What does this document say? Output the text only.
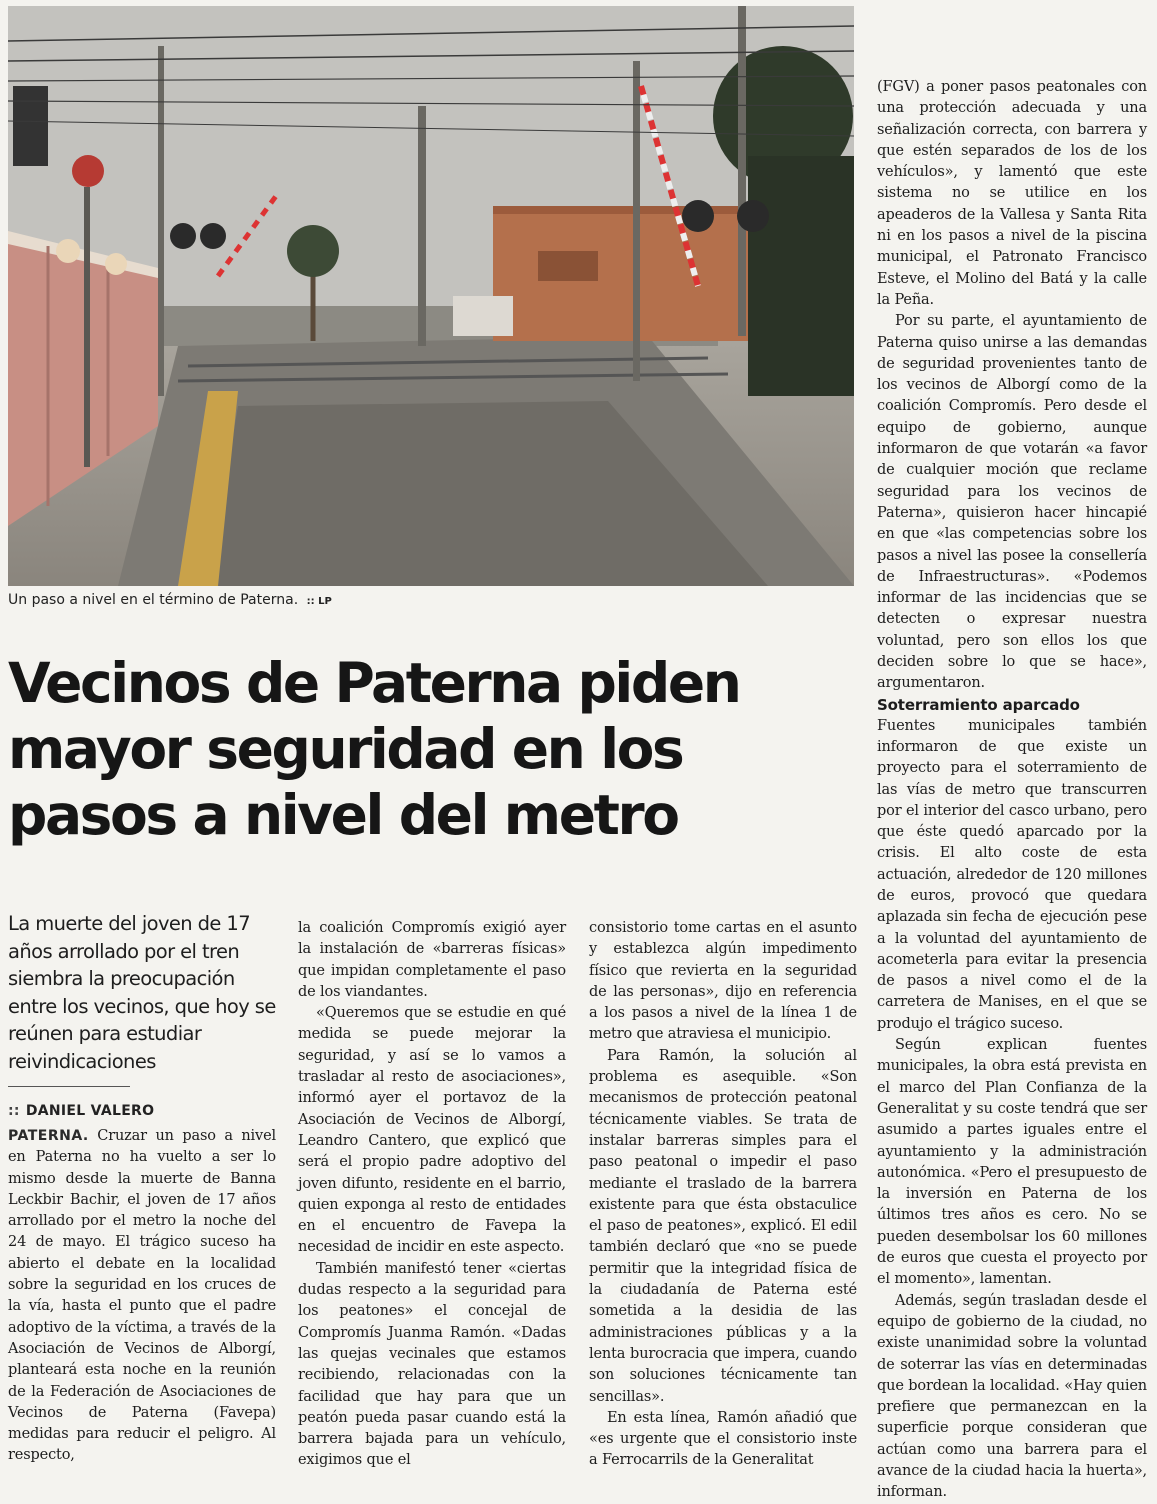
Un paso a nivel en el término de Paterna. :: LP
Vecinos de Paterna piden
mayor seguridad en los
pasos a nivel del metro

La muerte del joven de 17 años arrollado por el tren siembra la preocupación entre los vecinos, que hoy se reúnen para estudiar reivindicaciones

:: DANIEL VALERO

PATERNA. Cruzar un paso a nivel en Paterna no ha vuelto a ser lo mismo desde la muerte de Banna Leckbir Bachir, el joven de 17 años arrollado por el metro la noche del 24 de mayo. El trágico suceso ha abierto el debate en la localidad sobre la seguridad en los cruces de la vía, hasta el punto que el padre adoptivo de la víctima, a través de la Asociación de Vecinos de Alborgí, planteará esta noche en la reunión de la Federación de Asociaciones de Vecinos de Paterna (Favepa) medidas para reducir el peligro. Al respecto,

la coalición Compromís exigió ayer la instalación de «barreras físicas» que impidan completamente el paso de los viandantes.

«Queremos que se estudie en qué medida se puede mejorar la seguridad, y así se lo vamos a trasladar al resto de asociaciones», informó ayer el portavoz de la Asociación de Vecinos de Alborgí, Leandro Cantero, que explicó que será el propio padre adoptivo del joven difunto, residente en el barrio, quien exponga al resto de entidades en el encuentro de Favepa la necesidad de incidir en este aspecto.

También manifestó tener «ciertas dudas respecto a la seguridad para los peatones» el concejal de Compromís Juanma Ramón. «Dadas las quejas vecinales que estamos recibiendo, relacionadas con la facilidad que hay para que un peatón pueda pasar cuando está la barrera bajada para un vehículo, exigimos que el

consistorio tome cartas en el asunto y establezca algún impedimento físico que revierta en la seguridad de las personas», dijo en referencia a los pasos a nivel de la línea 1 de metro que atraviesa el municipio.

Para Ramón, la solución al problema es asequible. «Son mecanismos de protección peatonal técnicamente viables. Se trata de instalar barreras simples para el paso peatonal o impedir el paso mediante el traslado de la barrera existente para que ésta obstaculice el paso de peatones», explicó. El edil también declaró que «no se puede permitir que la integridad física de la ciudadanía de Paterna esté sometida a la desidia de las administraciones públicas y a la lenta burocracia que impera, cuando son soluciones técnicamente tan sencillas».

En esta línea, Ramón añadió que «es urgente que el consistorio inste a Ferrocarrils de la Generalitat

(FGV) a poner pasos peatonales con una protección adecuada y una señalización correcta, con barrera y que estén separados de los de los vehículos», y lamentó que este sistema no se utilice en los apeaderos de la Vallesa y Santa Rita ni en los pasos a nivel de la piscina municipal, el Patronato Francisco Esteve, el Molino del Batá y la calle la Peña.

Por su parte, el ayuntamiento de Paterna quiso unirse a las demandas de seguridad provenientes tanto de los vecinos de Alborgí como de la coalición Compromís. Pero desde el equipo de gobierno, aunque informaron de que votarán «a favor de cualquier moción que reclame seguridad para los vecinos de Paterna», quisieron hacer hincapié en que «las competencias sobre los pasos a nivel las posee la consellería de Infraestructuras». «Podemos informar de las incidencias que se detecten o expresar nuestra voluntad, pero son ellos los que deciden sobre lo que se hace», argumentaron.

Soterramiento aparcado

Fuentes municipales también informaron de que existe un proyecto para el soterramiento de las vías de metro que transcurren por el interior del casco urbano, pero que éste quedó aparcado por la crisis. El alto coste de esta actuación, alrededor de 120 millones de euros, provocó que quedara aplazada sin fecha de ejecución pese a la voluntad del ayuntamiento de acometerla para evitar la presencia de pasos a nivel como el de la carretera de Manises, en el que se produjo el trágico suceso.

Según explican fuentes municipales, la obra está prevista en el marco del Plan Confianza de la Generalitat y su coste tendrá que ser asumido a partes iguales entre el ayuntamiento y la administración autonómica. «Pero el presupuesto de la inversión en Paterna de los últimos tres años es cero. No se pueden desembolsar los 60 millones de euros que cuesta el proyecto por el momento», lamentan.

Además, según trasladan desde el equipo de gobierno de la ciudad, no existe unanimidad sobre la voluntad de soterrar las vías en determinadas que bordean la localidad. «Hay quien prefiere que permanezcan en la superficie porque consideran que actúan como una barrera para el avance de la ciudad hacia la huerta», informan.
